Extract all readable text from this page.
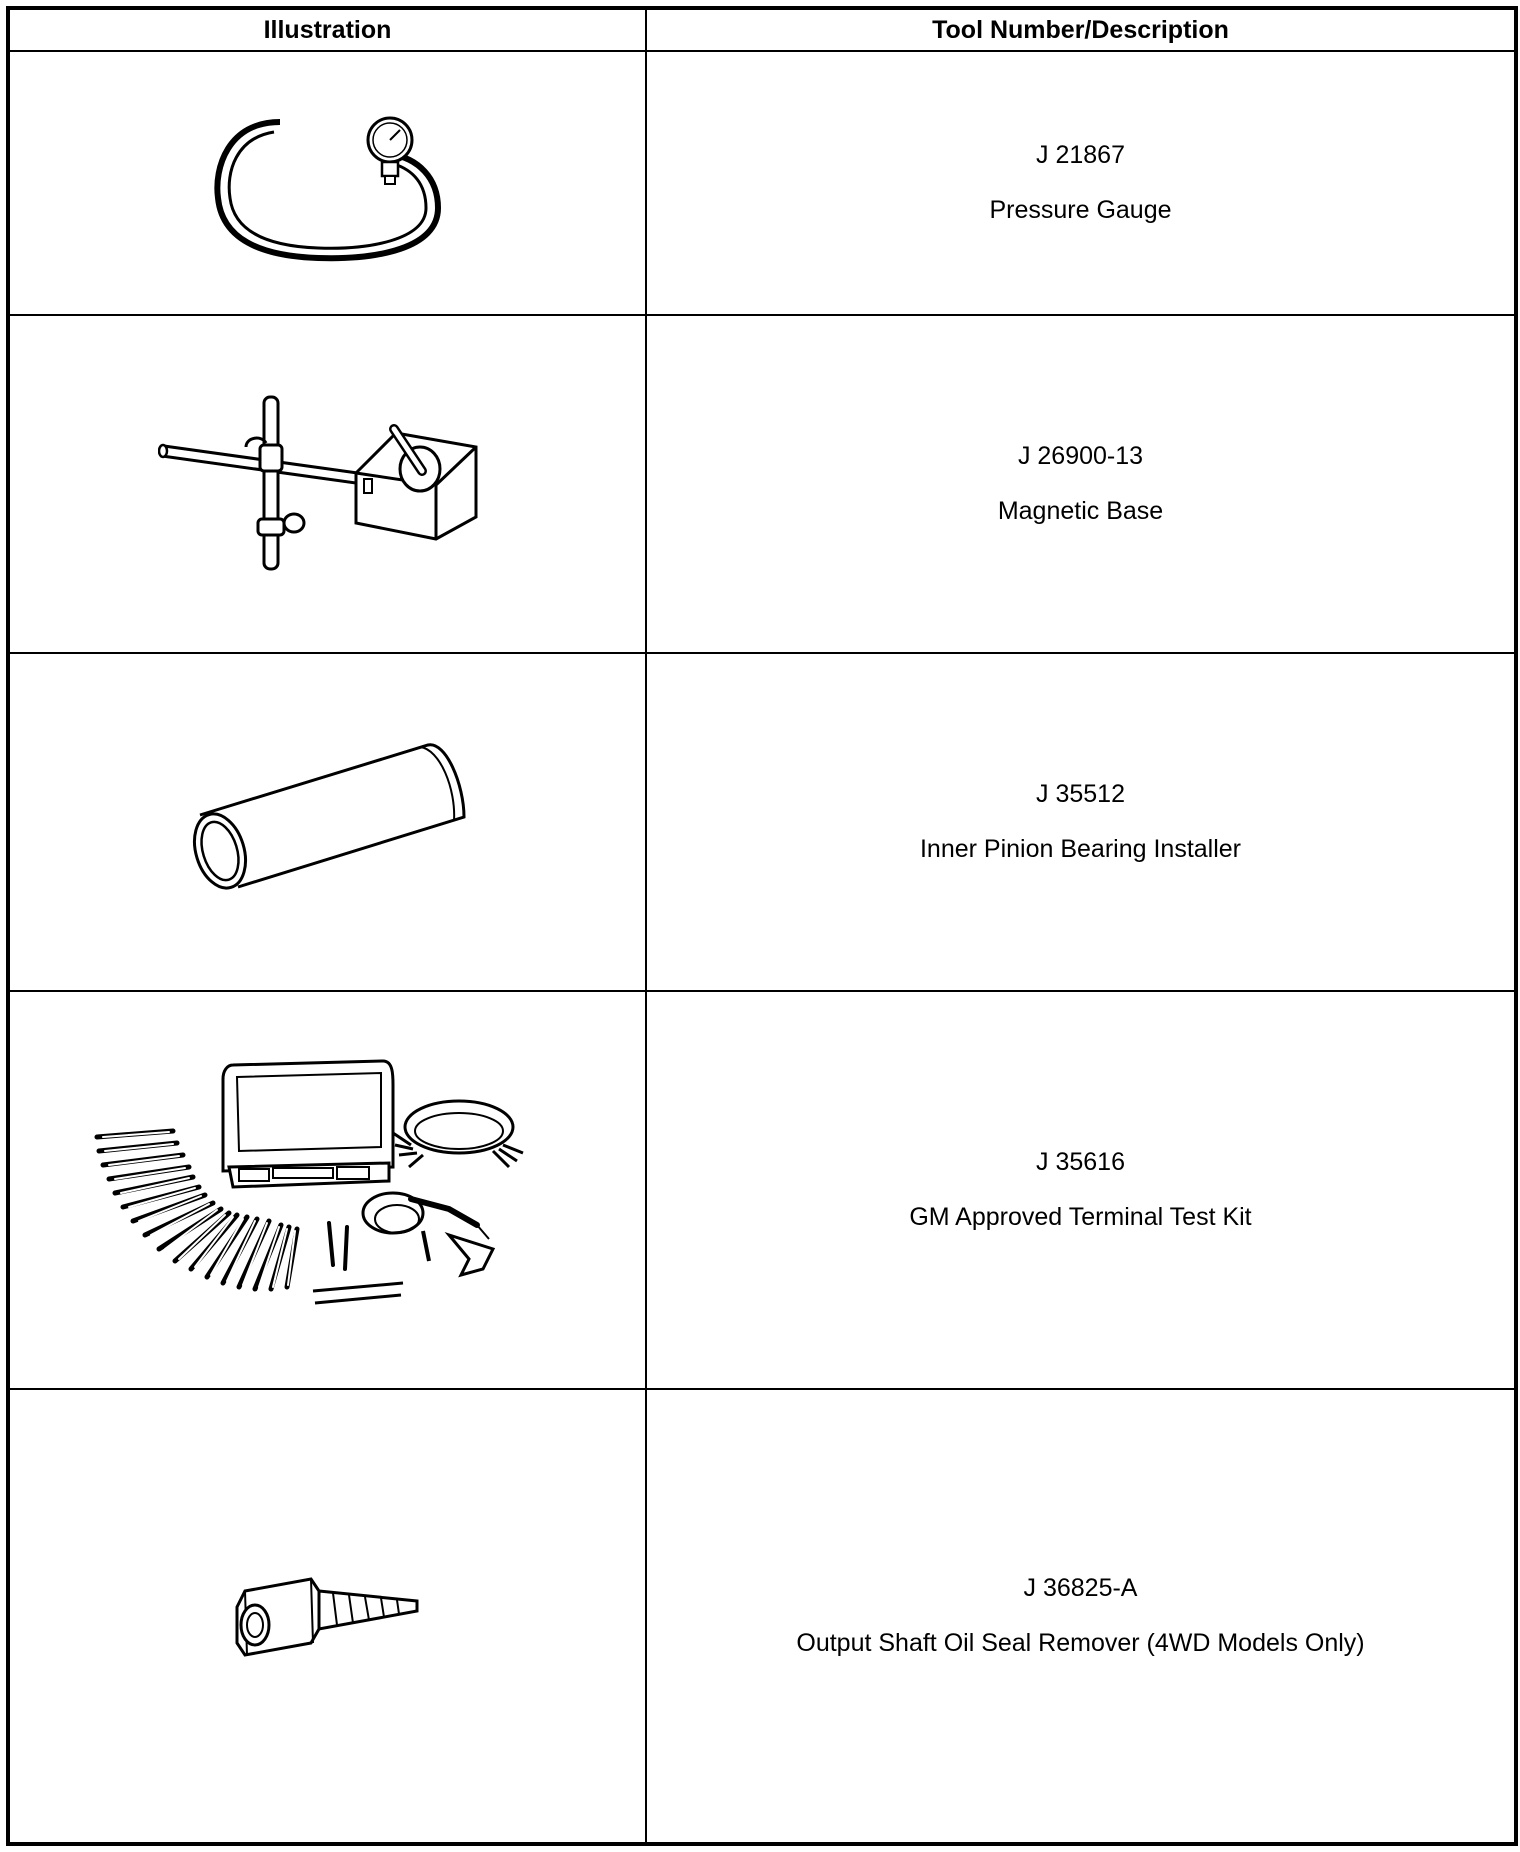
Illustration	Tool Number/Description

J 21867
Pressure Gauge

J 26900-13
Magnetic Base

J 35512
Inner Pinion Bearing Installer

J 35616
GM Approved Terminal Test Kit

J 36825-A
Output Shaft Oil Seal Remover (4WD Models Only)
